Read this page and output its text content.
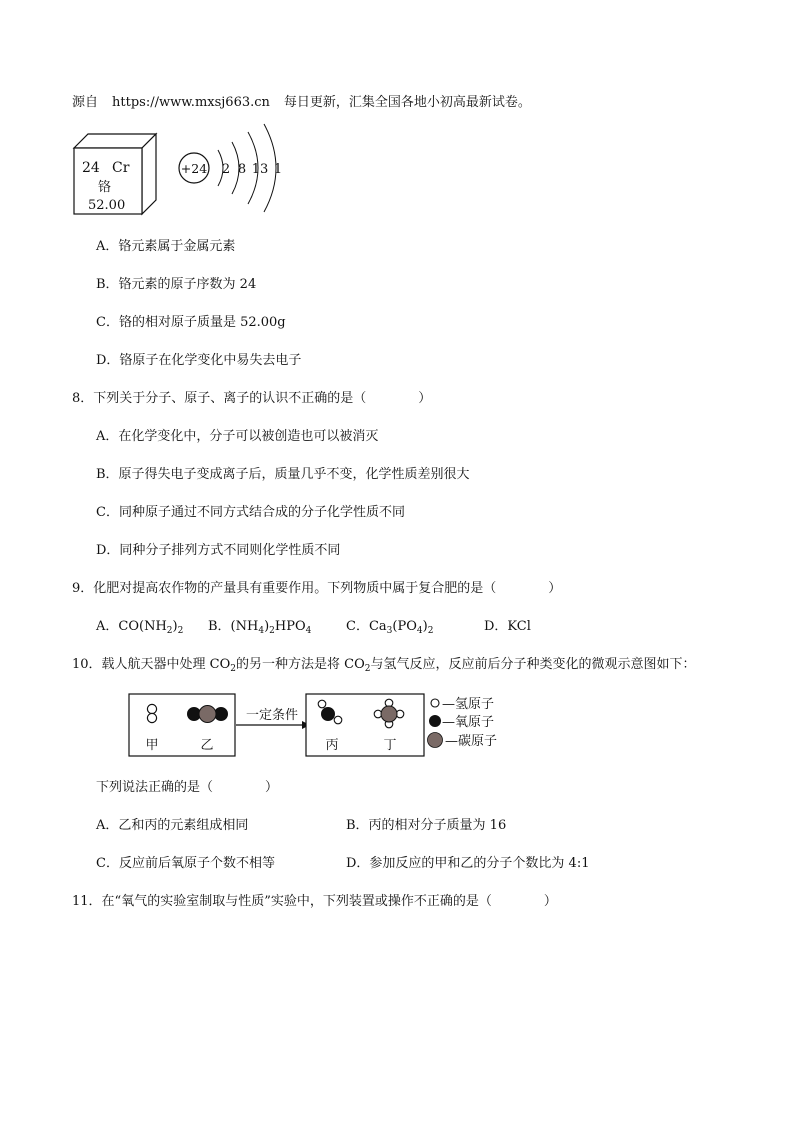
源自 https://www.mxsj663.cn 每日更新，汇集全国各地小初高最新试卷。
24 Cr
铬
52.00
+24 2 8 13 1
A．铬元素属于金属元素
B．铬元素的原子序数为 24
C．铬的相对原子质量是 52.00g
D．铬原子在化学变化中易失去电子
8．下列关于分子、原子、离子的认识不正确的是（　　　　）
A．在化学变化中，分子可以被创造也可以被消灭
B．原子得失电子变成离子后，质量几乎不变，化学性质差别很大
C．同种原子通过不同方式结合成的分子化学性质不同
D．同种分子排列方式不同则化学性质不同
9．化肥对提高农作物的产量具有重要作用。下列物质中属于复合肥的是（　　　　）
A．$CO(NH_2)_2$ B．$(NH_4)_2HPO_4$	C．$Ca_3(PO_4)_2$	D．KCl
10．载人航天器中处理 $CO_2$的另一种方法是将 $CO_2$与氢气反应，反应前后分子种类变化的微观示意图如下：
甲	乙
一定条件
丙	丁
—氢原子
—氧原子
—碳原子
下列说法正确的是（　　　　）
A．乙和丙的元素组成相同	B．丙的相对分子质量为 16
C．反应前后氧原子个数不相等	D．参加反应的甲和乙的分子个数比为 4:1
11．在“氧气的实验室制取与性质”实验中，下列装置或操作不正确的是（　　　　）
